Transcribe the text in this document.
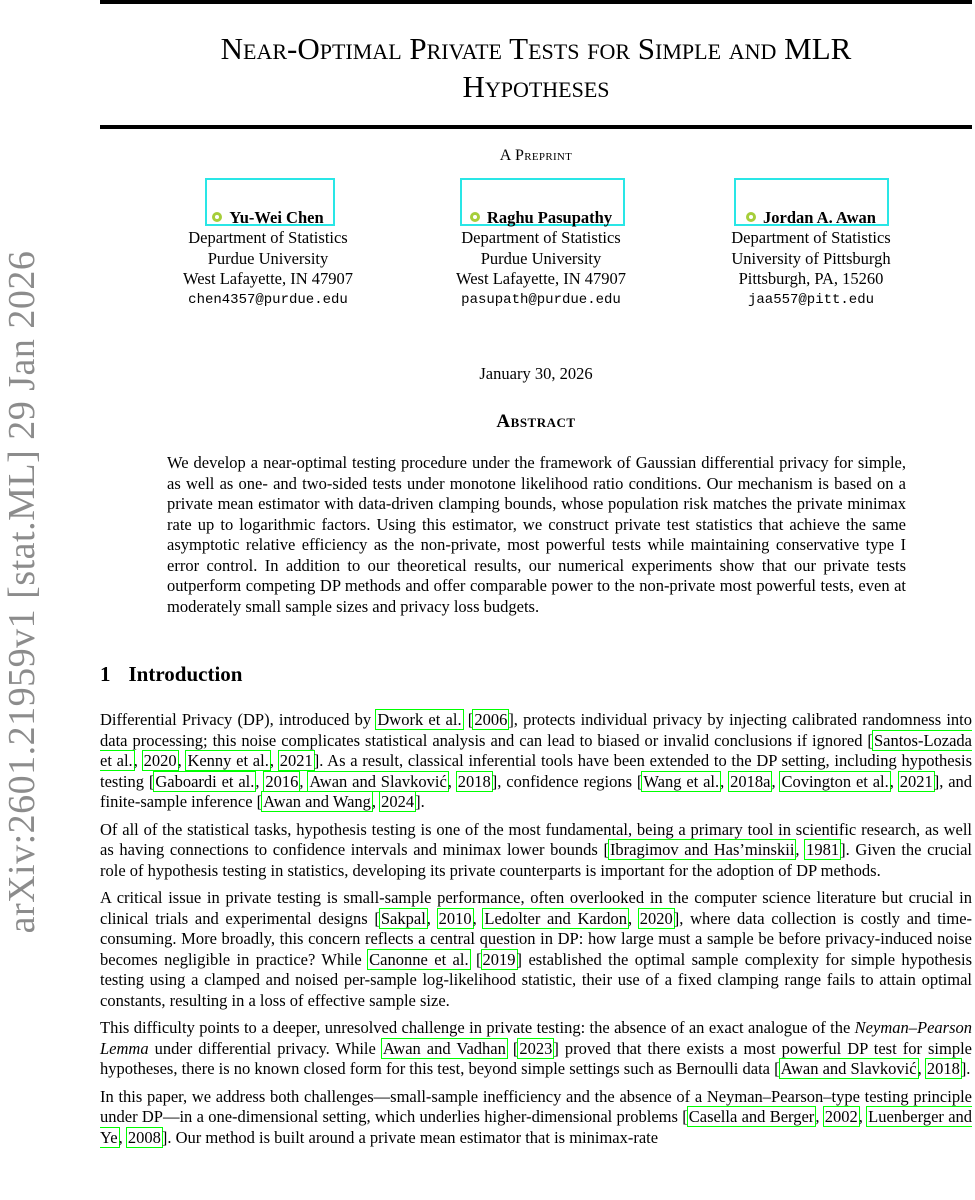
arXiv:2601.21959v1 [stat.ML] 29 Jan 2026
Near-Optimal Private Tests for Simple and MLR
Hypotheses
A Preprint
Yu-Wei Chen
Department of Statistics
Purdue University
West Lafayette, IN 47907
chen4357@purdue.edu
Raghu Pasupathy
Department of Statistics
Purdue University
West Lafayette, IN 47907
pasupath@purdue.edu
Jordan A. Awan
Department of Statistics
University of Pittsburgh
Pittsburgh, PA, 15260
jaa557@pitt.edu
January 30, 2026
Abstract
We develop a near-optimal testing procedure under the framework of Gaussian differential privacy for simple, as well as one- and two-sided tests under monotone likelihood ratio conditions. Our mechanism is based on a private mean estimator with data-driven clamping bounds, whose population risk matches the private minimax rate up to logarithmic factors. Using this estimator, we construct private test statistics that achieve the same asymptotic relative efficiency as the non-private, most powerful tests while maintaining conservative type I error control. In addition to our theoretical results, our numerical experiments show that our private tests outperform competing DP methods and offer comparable power to the non-private most powerful tests, even at moderately small sample sizes and privacy loss budgets.
1 Introduction

Differential Privacy (DP), introduced by Dwork et al. [2006], protects individual privacy by injecting calibrated randomness into data processing; this noise complicates statistical analysis and can lead to biased or invalid conclusions if ignored [Santos-Lozada et al., 2020, Kenny et al., 2021]. As a result, classical inferential tools have been extended to the DP setting, including hypothesis testing [Gaboardi et al., 2016, Awan and Slavković, 2018], confidence regions [Wang et al., 2018a, Covington et al., 2021], and finite-sample inference [Awan and Wang, 2024].

Of all of the statistical tasks, hypothesis testing is one of the most fundamental, being a primary tool in scientific research, as well as having connections to confidence intervals and minimax lower bounds [Ibragimov and Has’minskii, 1981]. Given the crucial role of hypothesis testing in statistics, developing its private counterparts is important for the adoption of DP methods.

A critical issue in private testing is small-sample performance, often overlooked in the computer science literature but crucial in clinical trials and experimental designs [Sakpal, 2010, Ledolter and Kardon, 2020], where data collection is costly and time-consuming. More broadly, this concern reflects a central question in DP: how large must a sample be before privacy-induced noise becomes negligible in practice? While Canonne et al. [2019] established the optimal sample complexity for simple hypothesis testing using a clamped and noised per-sample log-likelihood statistic, their use of a fixed clamping range fails to attain optimal constants, resulting in a loss of effective sample size.

This difficulty points to a deeper, unresolved challenge in private testing: the absence of an exact analogue of the Neyman–Pearson Lemma under differential privacy. While Awan and Vadhan [2023] proved that there exists a most powerful DP test for simple hypotheses, there is no known closed form for this test, beyond simple settings such as Bernoulli data [Awan and Slavković, 2018].

In this paper, we address both challenges—small-sample inefficiency and the absence of a Neyman–Pearson–type testing principle under DP—in a one-dimensional setting, which underlies higher-dimensional problems [Casella and Berger, 2002, Luenberger and Ye, 2008]. Our method is built around a private mean estimator that is minimax-rate
